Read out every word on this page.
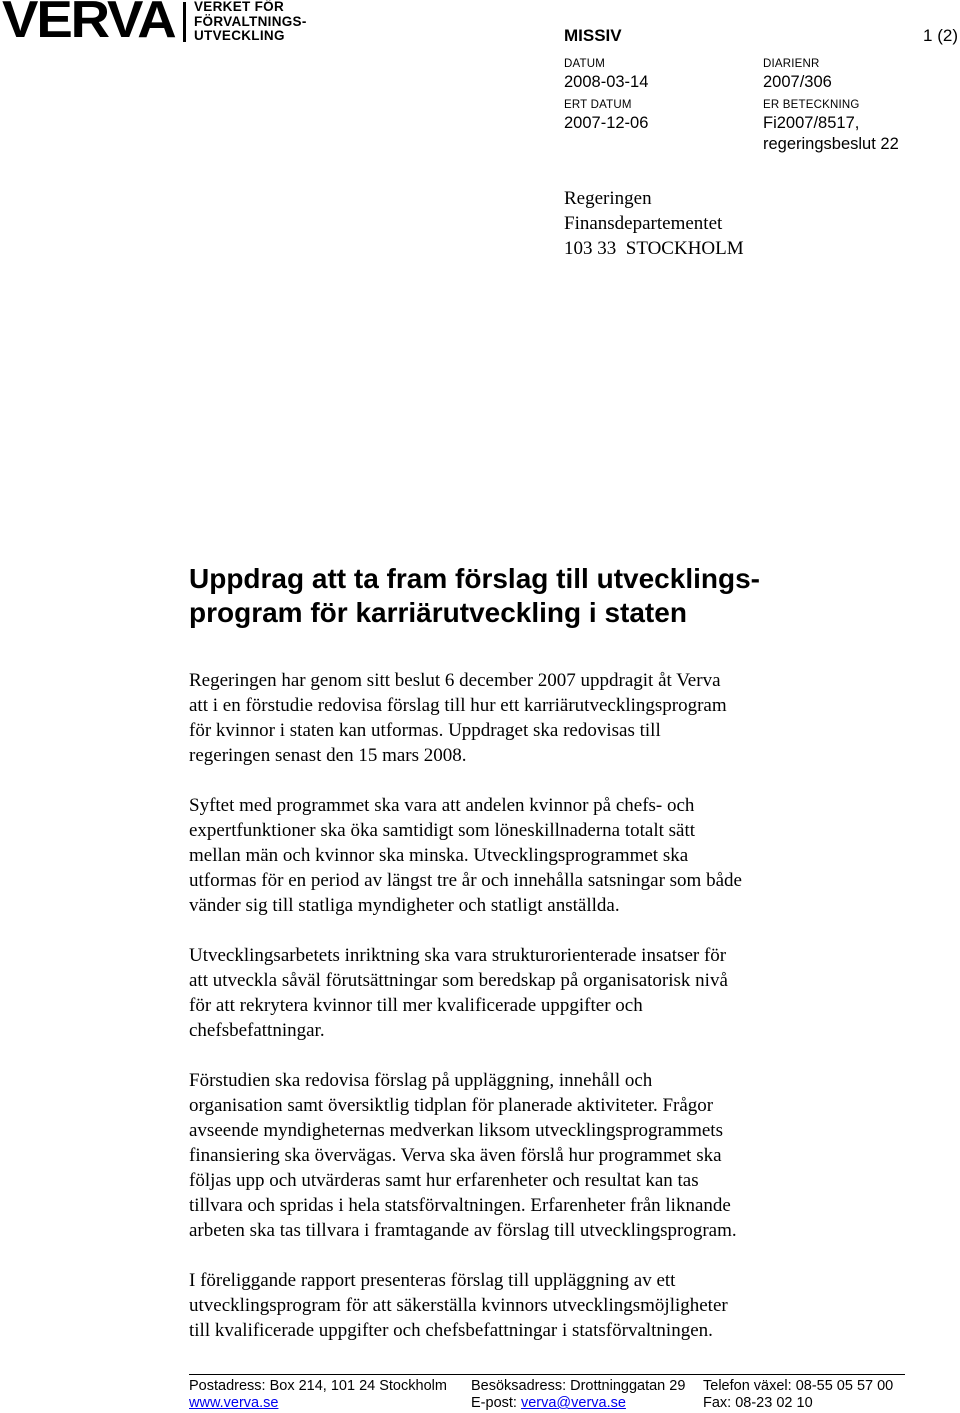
VERVA VERKET FÖR
FÖRVALTNINGS-
UTVECKLING	MISSIV	1 (2)
DATUM
2008-03-14
DIARIENR
2007/306
ERT DATUM
2007-12-06
ER BETECKNING
Fi2007/8517,
regeringsbeslut 22
Regeringen
Finansdepartementet
103 33  STOCKHOLM
Uppdrag att ta fram förslag till utvecklings-
program för karriärutveckling i staten

Regeringen har genom sitt beslut 6 december 2007 uppdragit åt Verva
att i en förstudie redovisa förslag till hur ett karriärutvecklingsprogram
för kvinnor i staten kan utformas. Uppdraget ska redovisas till
regeringen senast den 15 mars 2008.

Syftet med programmet ska vara att andelen kvinnor på chefs- och
expertfunktioner ska öka samtidigt som löneskillnaderna totalt sätt
mellan män och kvinnor ska minska. Utvecklingsprogrammet ska
utformas för en period av längst tre år och innehålla satsningar som både
vänder sig till statliga myndigheter och statligt anställda.

Utvecklingsarbetets inriktning ska vara strukturorienterade insatser för
att utveckla såväl förutsättningar som beredskap på organisatorisk nivå
för att rekrytera kvinnor till mer kvalificerade uppgifter och
chefsbefattningar.

Förstudien ska redovisa förslag på uppläggning, innehåll och
organisation samt översiktlig tidplan för planerade aktiviteter. Frågor
avseende myndigheternas medverkan liksom utvecklingsprogrammets
finansiering ska övervägas. Verva ska även förslå hur programmet ska
följas upp och utvärderas samt hur erfarenheter och resultat kan tas
tillvara och spridas i hela statsförvaltningen. Erfarenheter från liknande
arbeten ska tas tillvara i framtagande av förslag till utvecklingsprogram.

I föreliggande rapport presenteras förslag till uppläggning av ett
utvecklingsprogram för att säkerställa kvinnors utvecklingsmöjligheter
till kvalificerade uppgifter och chefsbefattningar i statsförvaltningen.

Postadress: Box 214, 101 24 Stockholm
www.verva.se
Besöksadress: Drottninggatan 29
E-post: verva@verva.se
Telefon växel: 08-55 05 57 00
Fax: 08-23 02 10
